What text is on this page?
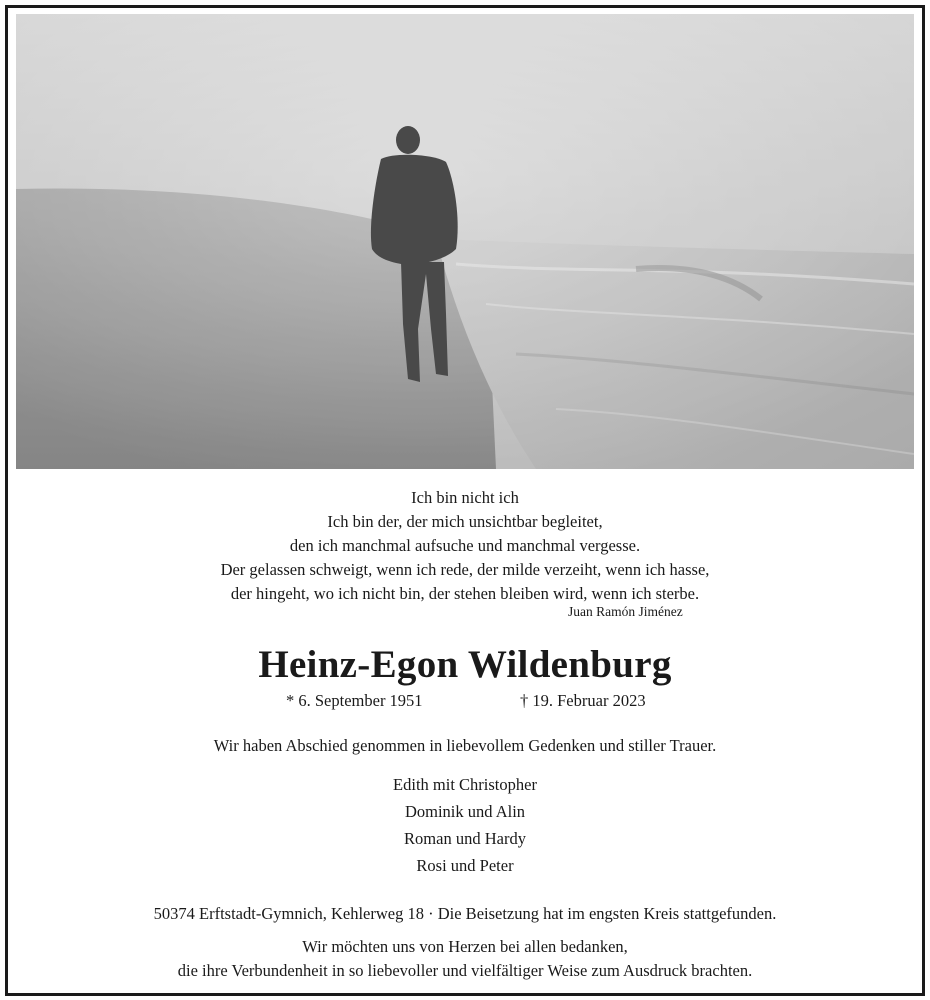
Ich bin nicht ich
Ich bin der, der mich unsichtbar begleitet,
den ich manchmal aufsuche und manchmal vergesse.
Der gelassen schweigt, wenn ich rede, der milde verzeiht, wenn ich hasse,
der hingeht, wo ich nicht bin, der stehen bleiben wird, wenn ich sterbe.
Juan Ramón Jiménez
Heinz-Egon Wildenburg
* 6. September 1951	† 19. Februar 2023
Wir haben Abschied genommen in liebevollem Gedenken und stiller Trauer.
Edith mit Christopher
Dominik und Alin
Roman und Hardy
Rosi und Peter
50374 Erftstadt-Gymnich, Kehlerweg 18 · Die Beisetzung hat im engsten Kreis stattgefunden.
Wir möchten uns von Herzen bei allen bedanken,
die ihre Verbundenheit in so liebevoller und vielfältiger Weise zum Ausdruck brachten.
